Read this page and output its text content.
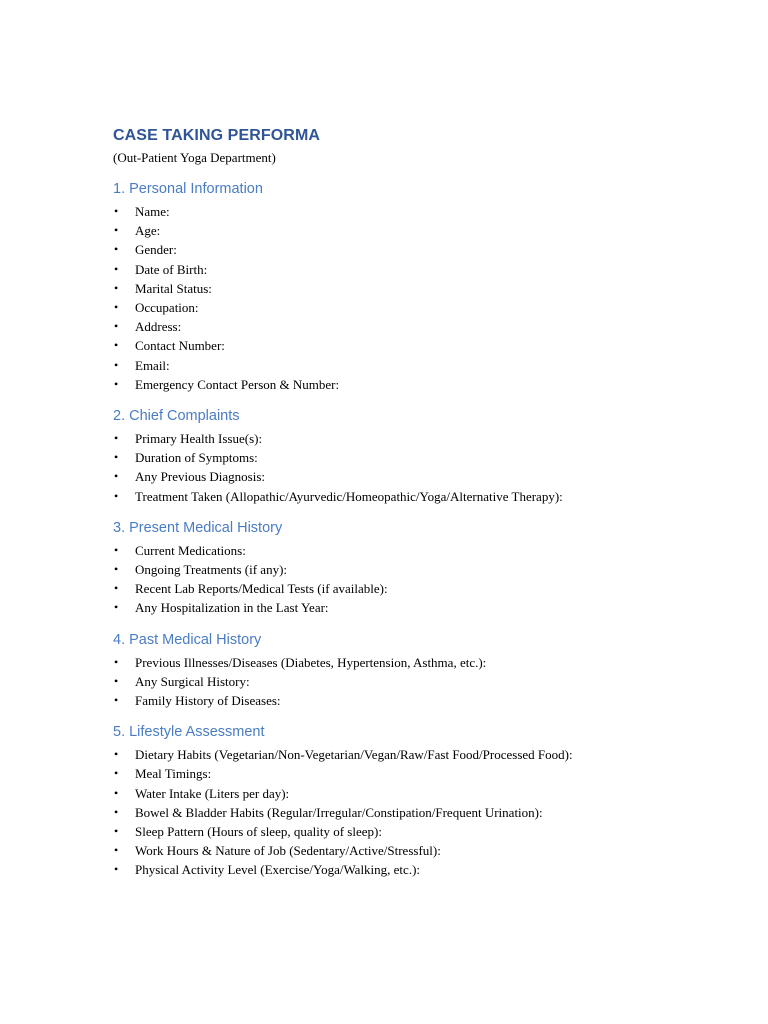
CASE TAKING PERFORMA
(Out-Patient Yoga Department)
1. Personal Information
• Name:
• Age:
• Gender:
• Date of Birth:
• Marital Status:
• Occupation:
• Address:
• Contact Number:
• Email:
• Emergency Contact Person & Number:
2. Chief Complaints
• Primary Health Issue(s):
• Duration of Symptoms:
• Any Previous Diagnosis:
• Treatment Taken (Allopathic/Ayurvedic/Homeopathic/Yoga/Alternative Therapy):
3. Present Medical History
• Current Medications:
• Ongoing Treatments (if any):
• Recent Lab Reports/Medical Tests (if available):
• Any Hospitalization in the Last Year:
4. Past Medical History
• Previous Illnesses/Diseases (Diabetes, Hypertension, Asthma, etc.):
• Any Surgical History:
• Family History of Diseases:
5. Lifestyle Assessment
• Dietary Habits (Vegetarian/Non-Vegetarian/Vegan/Raw/Fast Food/Processed Food):
• Meal Timings:
• Water Intake (Liters per day):
• Bowel & Bladder Habits (Regular/Irregular/Constipation/Frequent Urination):
• Sleep Pattern (Hours of sleep, quality of sleep):
• Work Hours & Nature of Job (Sedentary/Active/Stressful):
• Physical Activity Level (Exercise/Yoga/Walking, etc.):
